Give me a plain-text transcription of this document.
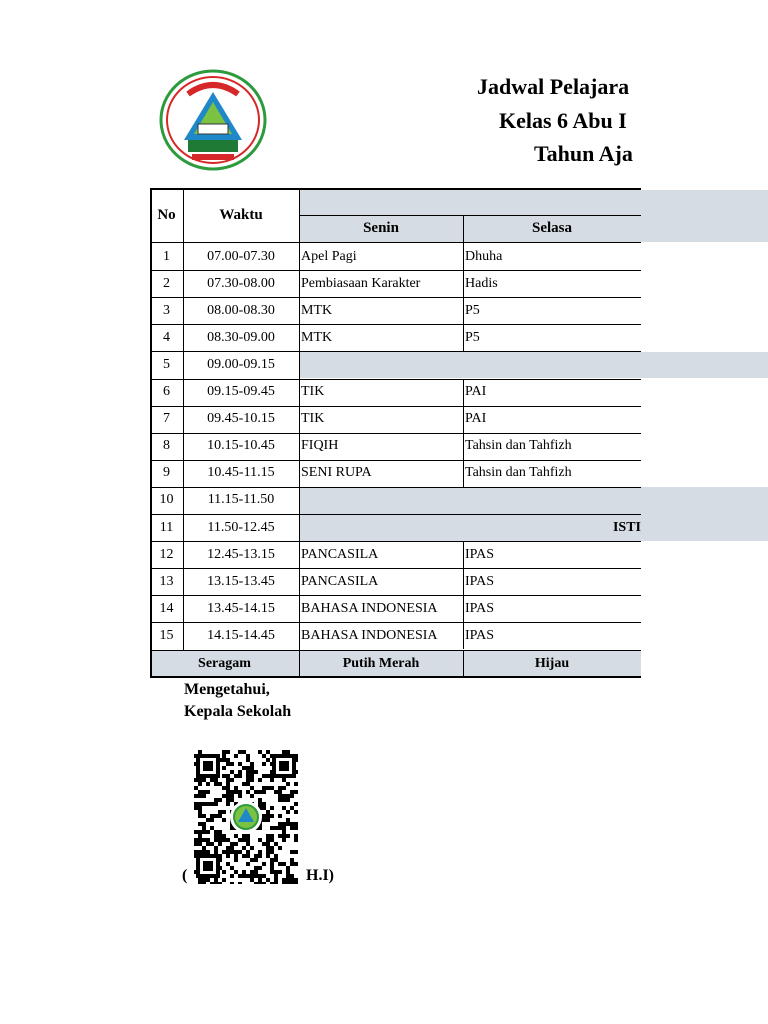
Jadwal Pelajara
Kelas 6 Abu I
Tahun Aja
No	Waktu
Senin	Selasa
1	07.00-07.30	Apel Pagi	Dhuha
2	07.30-08.00	Pembiasaan Karakter	Hadis
3	08.00-08.30	MTK	P5
4	08.30-09.00	MTK	P5
5	09.00-09.15
6	09.15-09.45	TIK	PAI
7	09.45-10.15	TIK	PAI
8	10.15-10.45	FIQIH	Tahsin dan Tahfizh
9	10.45-11.15	SENI RUPA	Tahsin dan Tahfizh
10	11.15-11.50
11	11.50-12.45	ISTI
12	12.45-13.15	PANCASILA	IPAS
13	13.15-13.45	PANCASILA	IPAS
14	13.45-14.15	BAHASA INDONESIA	IPAS
15	14.15-14.45	BAHASA INDONESIA	IPAS
Seragam	Putih Merah	Hijau
Mengetahui,
Kepala Sekolah
(	H.I)
